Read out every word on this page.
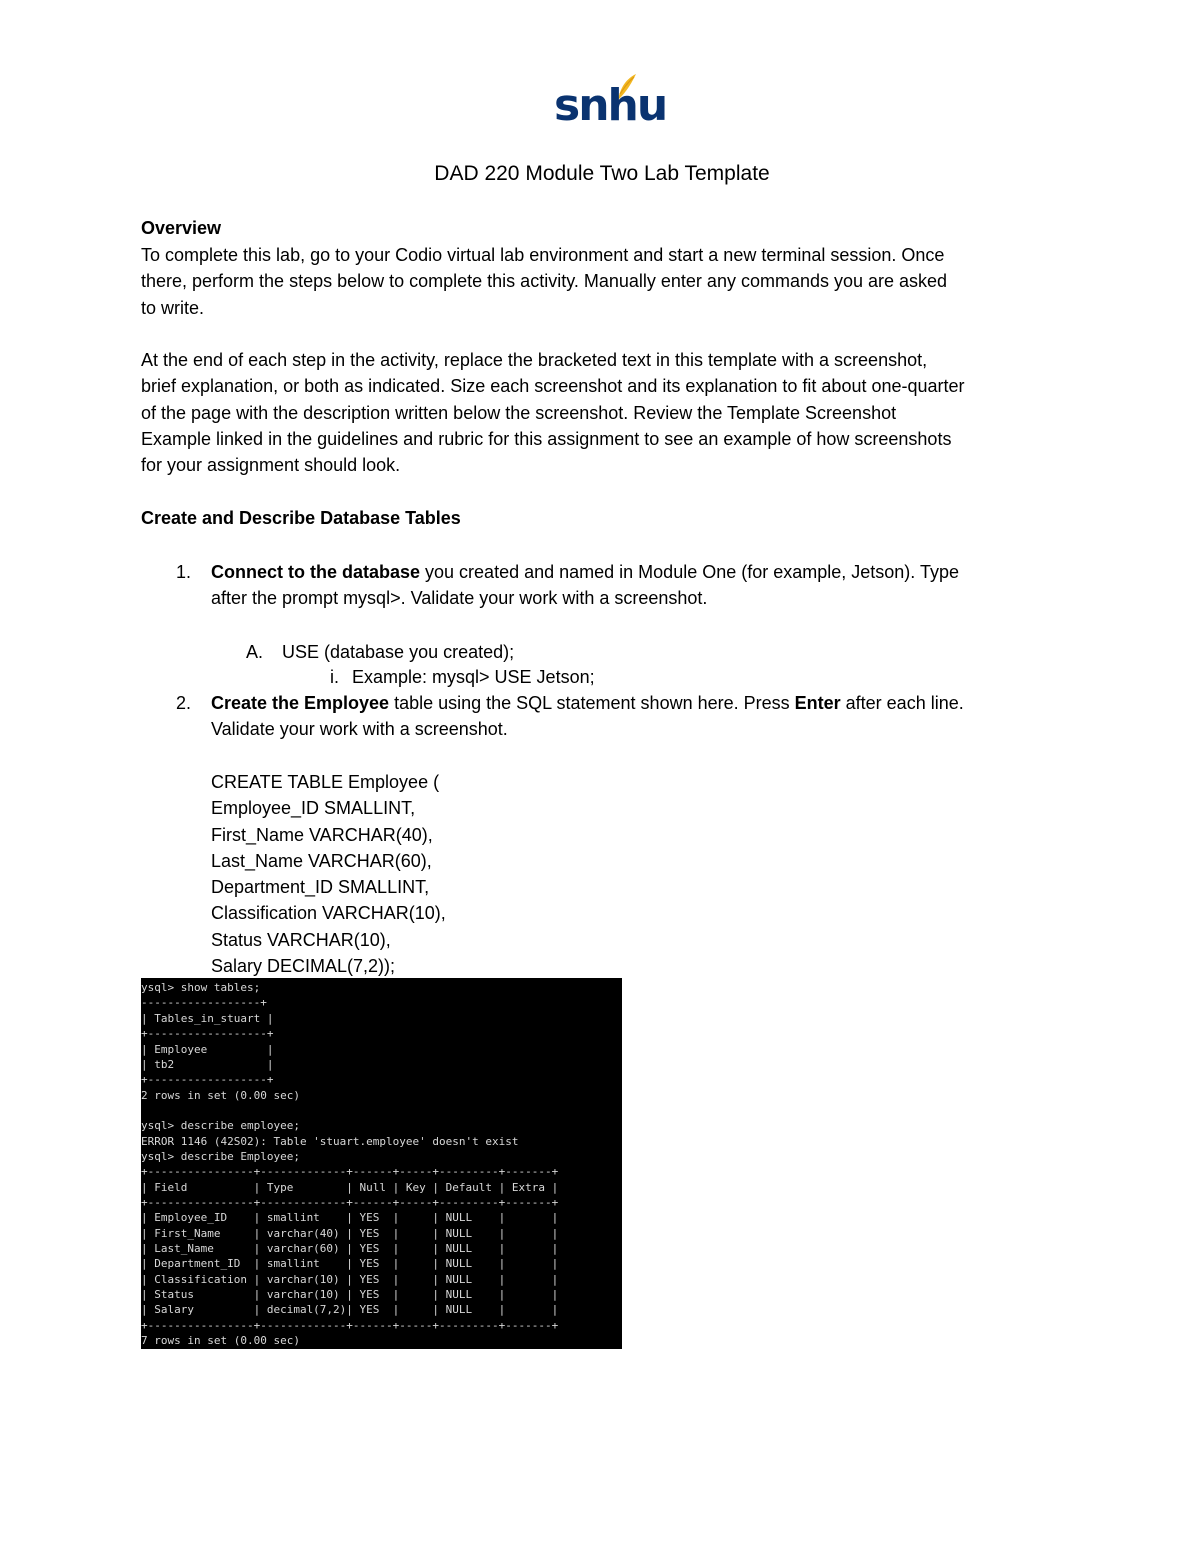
snhu
DAD 220 Module Two Lab Template
Overview
To complete this lab, go to your Codio virtual lab environment and start a new terminal session. Once
there, perform the steps below to complete this activity. Manually enter any commands you are asked
to write.
At the end of each step in the activity, replace the bracketed text in this template with a screenshot,
brief explanation, or both as indicated. Size each screenshot and its explanation to fit about one-quarter
of the page with the description written below the screenshot. Review the Template Screenshot
Example linked in the guidelines and rubric for this assignment to see an example of how screenshots
for your assignment should look.
Create and Describe Database Tables
1. Connect to the database you created and named in Module One (for example, Jetson). Type
after the prompt mysql>. Validate your work with a screenshot.
A. USE (database you created);
i. Example: mysql> USE Jetson;
2. Create the Employee table using the SQL statement shown here. Press Enter after each line.
Validate your work with a screenshot.
CREATE TABLE Employee (
Employee_ID SMALLINT,
First_Name VARCHAR(40),
Last_Name VARCHAR(60),
Department_ID SMALLINT,
Classification VARCHAR(10),
Status VARCHAR(10),
Salary DECIMAL(7,2));
ysql> show tables;
------------------+
| Tables_in_stuart |
+------------------+
| Employee         |
| tb2              |
+------------------+
2 rows in set (0.00 sec)
ysql> describe employee;
ERROR 1146 (42S02): Table 'stuart.employee' doesn't exist
ysql> describe Employee;
+----------------+-------------+------+-----+---------+-------+
| Field          | Type        | Null | Key | Default | Extra |
+----------------+-------------+------+-----+---------+-------+
| Employee_ID    | smallint    | YES  |     | NULL    |       |
| First_Name     | varchar(40) | YES  |     | NULL    |       |
| Last_Name      | varchar(60) | YES  |     | NULL    |       |
| Department_ID  | smallint    | YES  |     | NULL    |       |
| Classification | varchar(10) | YES  |     | NULL    |       |
| Status         | varchar(10) | YES  |     | NULL    |       |
| Salary         | decimal(7,2)| YES  |     | NULL    |       |
+----------------+-------------+------+-----+---------+-------+
7 rows in set (0.00 sec)
